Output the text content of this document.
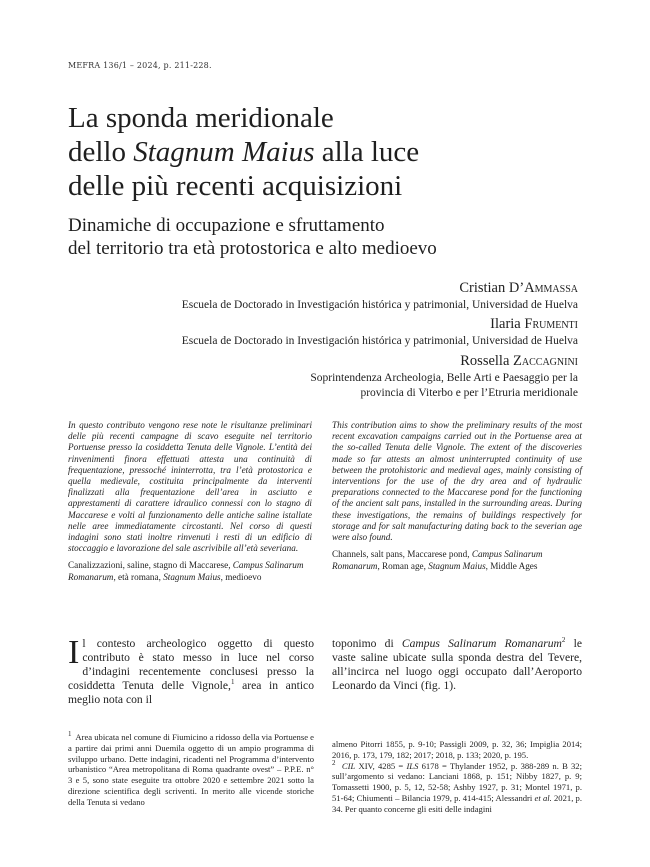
MEFRA 136/1 – 2024, p. 211-228.
La sponda meridionale
dello Stagnum Maius alla luce
delle più recenti acquisizioni
Dinamiche di occupazione e sfruttamento
del territorio tra età protostorica e alto medioevo
Cristian D’Ammassa
Escuela de Doctorado in Investigación histórica y patrimonial, Universidad de Huelva
Ilaria Frumenti
Escuela de Doctorado in Investigación histórica y patrimonial, Universidad de Huelva
Rossella Zaccagnini
Soprintendenza Archeologia, Belle Arti e Paesaggio per la
provincia di Viterbo e per l’Etruria meridionale
In questo contributo vengono rese note le risultanze preliminari delle più recenti campagne di scavo eseguite nel territorio Portuense presso la cosiddetta Tenuta delle Vignole. L’entità dei rinvenimenti finora effettuati attesta una continuità di frequentazione, pressoché ininterrotta, tra l’età protostorica e quella medievale, costituita principalmente da interventi finalizzati alla frequentazione dell’area in asciutto e apprestamenti di carattere idraulico connessi con lo stagno di Maccarese e volti al funzionamento delle antiche saline istallate nelle aree immediatamente circostanti. Nel corso di questi indagini sono stati inoltre rinvenuti i resti di un edificio di stoccaggio e lavorazione del sale ascrivibile all’età severiana.
Canalizzazioni, saline, stagno di Maccarese, Campus Salinarum Romanarum, età romana, Stagnum Maius, medioevo
This contribution aims to show the preliminary results of the most recent excavation campaigns carried out in the Portuense area at the so-called Tenuta delle Vignole. The extent of the discoveries made so far attests an almost uninterrupted continuity of use between the protohistoric and medieval ages, mainly consisting of interventions for the use of the dry area and of hydraulic preparations connected to the Maccarese pond for the functioning of the ancient salt pans, installed in the surrounding areas. During these investigations, the remains of buildings respectively for storage and for salt manufacturing dating back to the severian age were also found.
Channels, salt pans, Maccarese pond, Campus Salinarum Romanarum, Roman age, Stagnum Maius, Middle Ages
Il contesto archeologico oggetto di questo contributo è stato messo in luce nel corso d’indagini recentemente conclusesi presso la cosiddetta Tenuta delle Vignole,$^1$ area in antico meglio nota con il
toponimo di Campus Salinarum Romanarum$^2$ le vaste saline ubicate sulla sponda destra del Tevere, all’incirca nel luogo oggi occupato dall’Aeroporto Leonardo da Vinci (fig. 1).
$^1$ Area ubicata nel comune di Fiumicino a ridosso della via Portuense e a partire dai primi anni Duemila oggetto di un ampio programma di sviluppo urbano. Dette indagini, ricadenti nel Programma d’intervento urbanistico “Area metropolitana di Roma quadrante ovest” – P.P.E. n° 3 e 5, sono state eseguite tra ottobre 2020 e settembre 2021 sotto la direzione scientifica degli scriventi. In merito alle vicende storiche della Tenuta si vedano
almeno Pitorri 1855, p. 9-10; Passigli 2009, p. 32, 36; Impiglia 2014; 2016, p. 173, 179, 182; 2017; 2018, p. 133; 2020, p. 195.
$^2$ CIL XIV, 4285 = ILS 6178 = Thylander 1952, p. 388-289 n. B 32; sull’argomento si vedano: Lanciani 1868, p. 151; Nibby 1827, p. 9; Tomassetti 1900, p. 5, 12, 52-58; Ashby 1927, p. 31; Montel 1971, p. 51-64; Chiumenti – Bilancia 1979, p. 414-415; Alessandri et al. 2021, p. 34. Per quanto concerne gli esiti delle indagini
